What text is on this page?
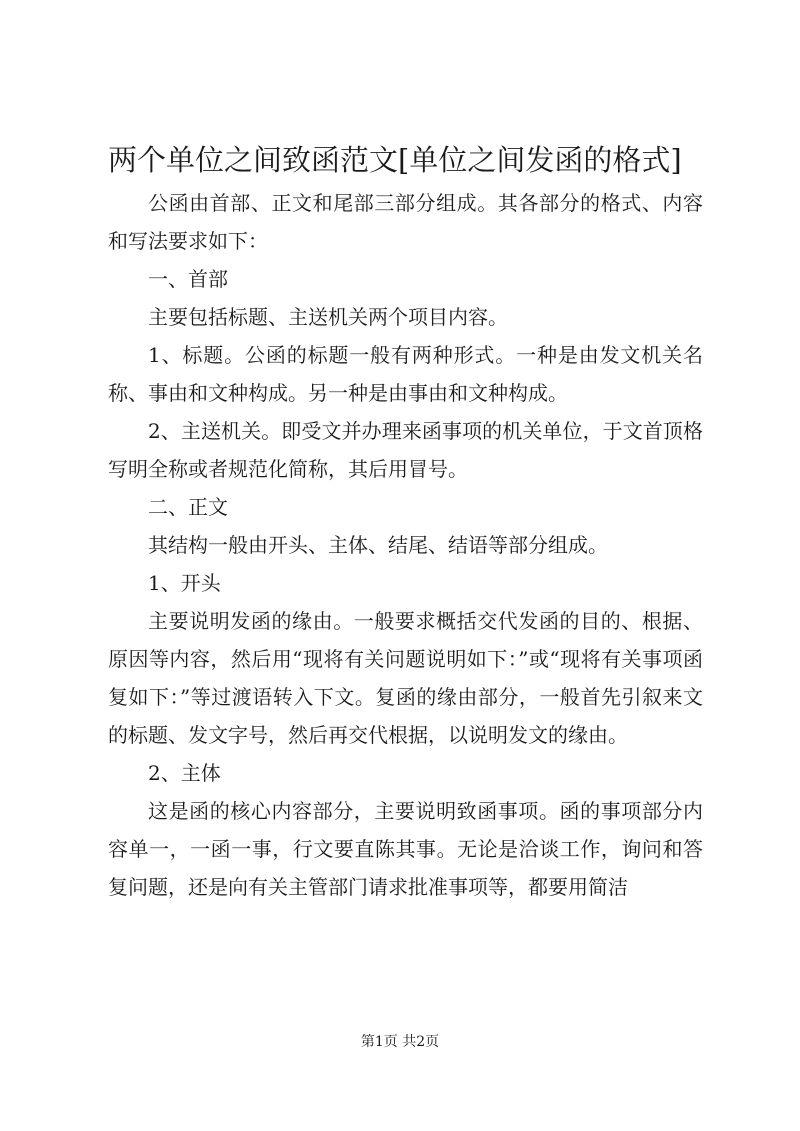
两个单位之间致函范文[单位之间发函的格式]

公函由首部、正文和尾部三部分组成。其各部分的格式、内容和写法要求如下：

一、首部

主要包括标题、主送机关两个项目内容。

1、标题。公函的标题一般有两种形式。一种是由发文机关名称、事由和文种构成。另一种是由事由和文种构成。

2、主送机关。即受文并办理来函事项的机关单位，于文首顶格写明全称或者规范化简称，其后用冒号。

二、正文

其结构一般由开头、主体、结尾、结语等部分组成。

1、开头

主要说明发函的缘由。一般要求概括交代发函的目的、根据、原因等内容，然后用“现将有关问题说明如下：”或“现将有关事项函复如下：”等过渡语转入下文。复函的缘由部分，一般首先引叙来文的标题、发文字号，然后再交代根据，以说明发文的缘由。

2、主体

这是函的核心内容部分，主要说明致函事项。函的事项部分内容单一，一函一事，行文要直陈其事。无论是洽谈工作，询问和答复问题，还是向有关主管部门请求批准事项等，都要用简洁

第1页 共2页
